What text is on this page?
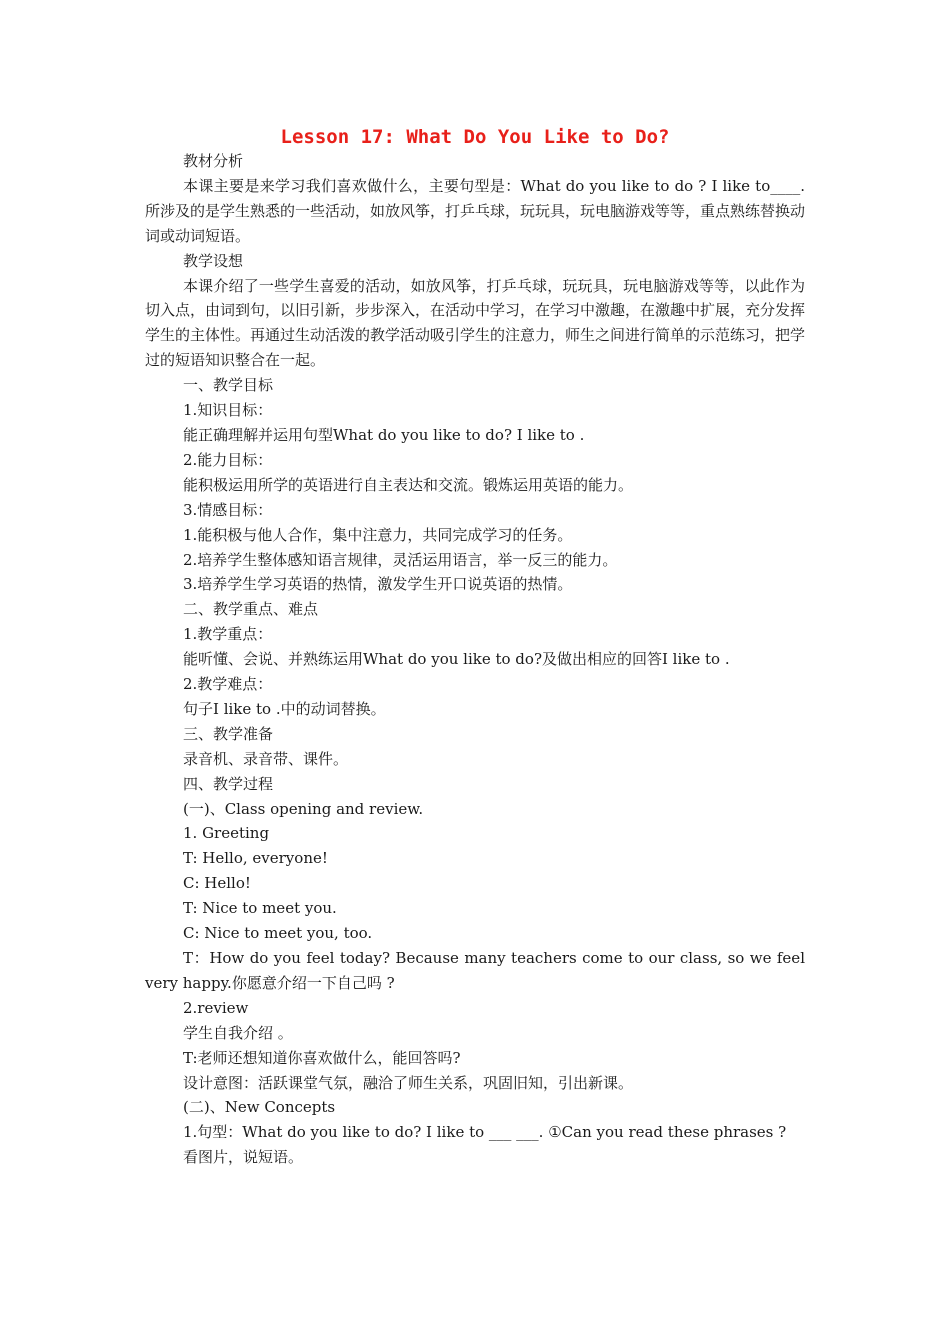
Lesson 17: What Do You Like to Do?

教材分析

本课主要是来学习我们喜欢做什么，主要句型是：What do you like to do ? I like to____. 所涉及的是学生熟悉的一些活动，如放风筝，打乒乓球，玩玩具，玩电脑游戏等等，重点熟练替换动词或动词短语。

教学设想

本课介绍了一些学生喜爱的活动，如放风筝，打乒乓球，玩玩具，玩电脑游戏等等，以此作为切入点，由词到句，以旧引新，步步深入，在活动中学习，在学习中激趣，在激趣中扩展，充分发挥学生的主体性。再通过生动活泼的教学活动吸引学生的注意力，师生之间进行简单的示范练习，把学过的短语知识整合在一起。

一、教学目标

1.知识目标：

能正确理解并运用句型What do you like to do? I like to .

2.能力目标：

能积极运用所学的英语进行自主表达和交流。锻炼运用英语的能力。

3.情感目标：

1.能积极与他人合作，集中注意力，共同完成学习的任务。

2.培养学生整体感知语言规律，灵活运用语言，举一反三的能力。

3.培养学生学习英语的热情，激发学生开口说英语的热情。

二、教学重点、难点

1.教学重点：

能听懂、会说、并熟练运用What do you like to do?及做出相应的回答I like to .

2.教学难点：

句子I like to .中的动词替换。

三、教学准备

录音机、录音带、课件。

四、教学过程

(一)、Class opening and review.

1. Greeting

T: Hello, everyone!

C: Hello!

T: Nice to meet you.

C: Nice to meet you, too.

T：How do you feel today? Because many teachers come to our class, so we feel very happy.你愿意介绍一下自己吗 ?

2.review

学生自我介绍 。

T:老师还想知道你喜欢做什么，能回答吗?

设计意图：活跃课堂气氛，融洽了师生关系，巩固旧知，引出新课。

(二)、New Concepts

1.句型：What do you like to do? I like to ___ ___. ①Can you read these phrases ?

看图片，说短语。
